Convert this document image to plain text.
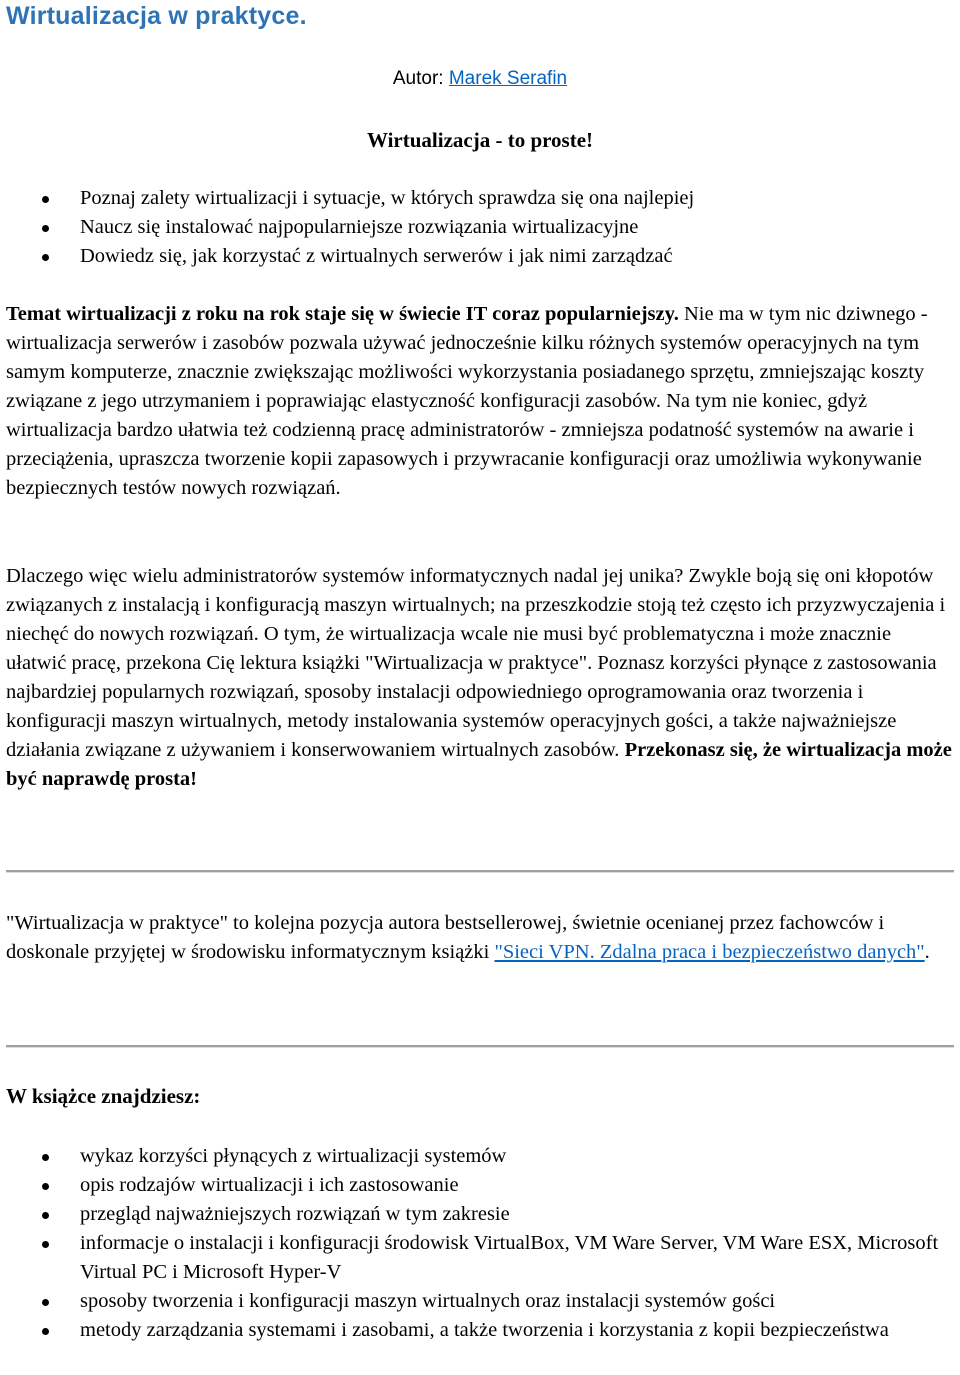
Wirtualizacja w praktyce.
Autor: Marek Serafin
Wirtualizacja - to proste!
Poznaj zalety wirtualizacji i sytuacje, w których sprawdza się ona najlepiej
Naucz się instalować najpopularniejsze rozwiązania wirtualizacyjne
Dowiedz się, jak korzystać z wirtualnych serwerów i jak nimi zarządzać

Temat wirtualizacji z roku na rok staje się w świecie IT coraz popularniejszy. Nie ma w tym nic dziwnego - wirtualizacja serwerów i zasobów pozwala używać jednocześnie kilku różnych systemów operacyjnych na tym samym komputerze, znacznie zwiększając możliwości wykorzystania posiadanego sprzętu, zmniejszając koszty związane z jego utrzymaniem i poprawiając elastyczność konfiguracji zasobów. Na tym nie koniec, gdyż wirtualizacja bardzo ułatwia też codzienną pracę administratorów - zmniejsza podatność systemów na awarie i przeciążenia, upraszcza tworzenie kopii zapasowych i przywracanie konfiguracji oraz umożliwia wykonywanie bezpiecznych testów nowych rozwiązań.

Dlaczego więc wielu administratorów systemów informatycznych nadal jej unika? Zwykle boją się oni kłopotów związanych z instalacją i konfiguracją maszyn wirtualnych; na przeszkodzie stoją też często ich przyzwyczajenia i niechęć do nowych rozwiązań. O tym, że wirtualizacja wcale nie musi być problematyczna i może znacznie ułatwić pracę, przekona Cię lektura książki "Wirtualizacja w praktyce". Poznasz korzyści płynące z zastosowania najbardziej popularnych rozwiązań, sposoby instalacji odpowiedniego oprogramowania oraz tworzenia i konfiguracji maszyn wirtualnych, metody instalowania systemów operacyjnych gości, a także najważniejsze działania związane z używaniem i konserwowaniem wirtualnych zasobów. Przekonasz się, że wirtualizacja może być naprawdę prosta!

"Wirtualizacja w praktyce" to kolejna pozycja autora bestsellerowej, świetnie ocenianej przez fachowców i doskonale przyjętej w środowisku informatycznym książki "Sieci VPN. Zdalna praca i bezpieczeństwo danych".

W książce znajdziesz:
wykaz korzyści płynących z wirtualizacji systemów
opis rodzajów wirtualizacji i ich zastosowanie
przegląd najważniejszych rozwiązań w tym zakresie
informacje o instalacji i konfiguracji środowisk VirtualBox, VM Ware Server, VM Ware ESX, Microsoft Virtual PC i Microsoft Hyper-V
sposoby tworzenia i konfiguracji maszyn wirtualnych oraz instalacji systemów gości
metody zarządzania systemami i zasobami, a także tworzenia i korzystania z kopii bezpieczeństwa
